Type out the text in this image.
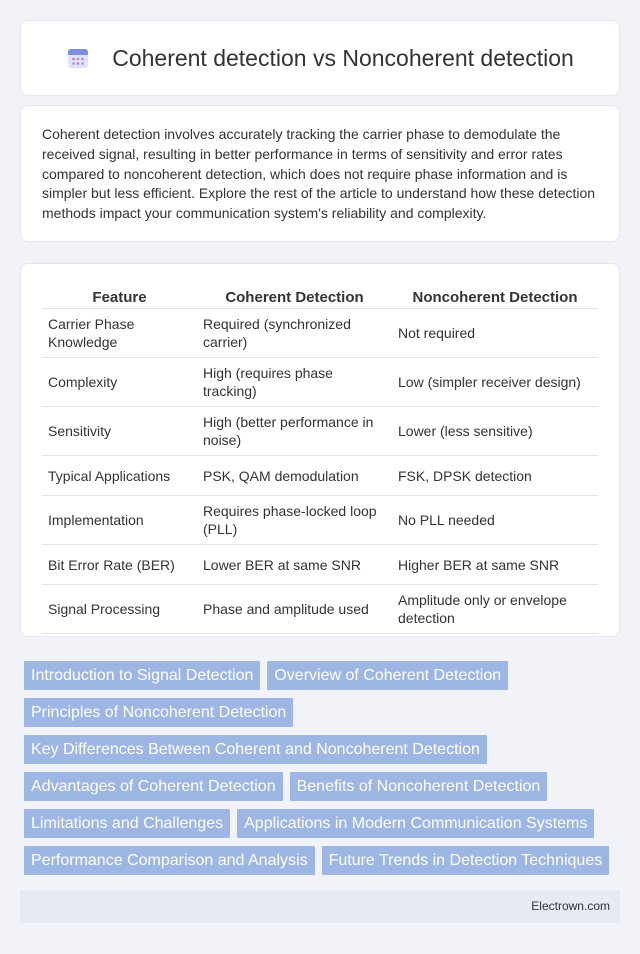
Coherent detection vs Noncoherent detection

Coherent detection involves accurately tracking the carrier phase to demodulate the received signal, resulting in better performance in terms of sensitivity and error rates compared to noncoherent detection, which does not require phase information and is simpler but less efficient. Explore the rest of the article to understand how these detection methods impact your communication system's reliability and complexity.

Feature	Coherent Detection	Noncoherent Detection
Carrier Phase Knowledge	Required (synchronized carrier)	Not required
Complexity	High (requires phase tracking)	Low (simpler receiver design)
Sensitivity	High (better performance in noise)	Lower (less sensitive)
Typical Applications	PSK, QAM demodulation	FSK, DPSK detection
Implementation	Requires phase-locked loop (PLL)	No PLL needed
Bit Error Rate (BER)	Lower BER at same SNR	Higher BER at same SNR
Signal Processing	Phase and amplitude used	Amplitude only or envelope detection
Introduction to Signal Detection	Overview of Coherent Detection
Principles of Noncoherent Detection
Key Differences Between Coherent and Noncoherent Detection
Advantages of Coherent Detection	Benefits of Noncoherent Detection
Limitations and Challenges	Applications in Modern Communication Systems
Performance Comparison and Analysis	Future Trends in Detection Techniques
Electrown.com
